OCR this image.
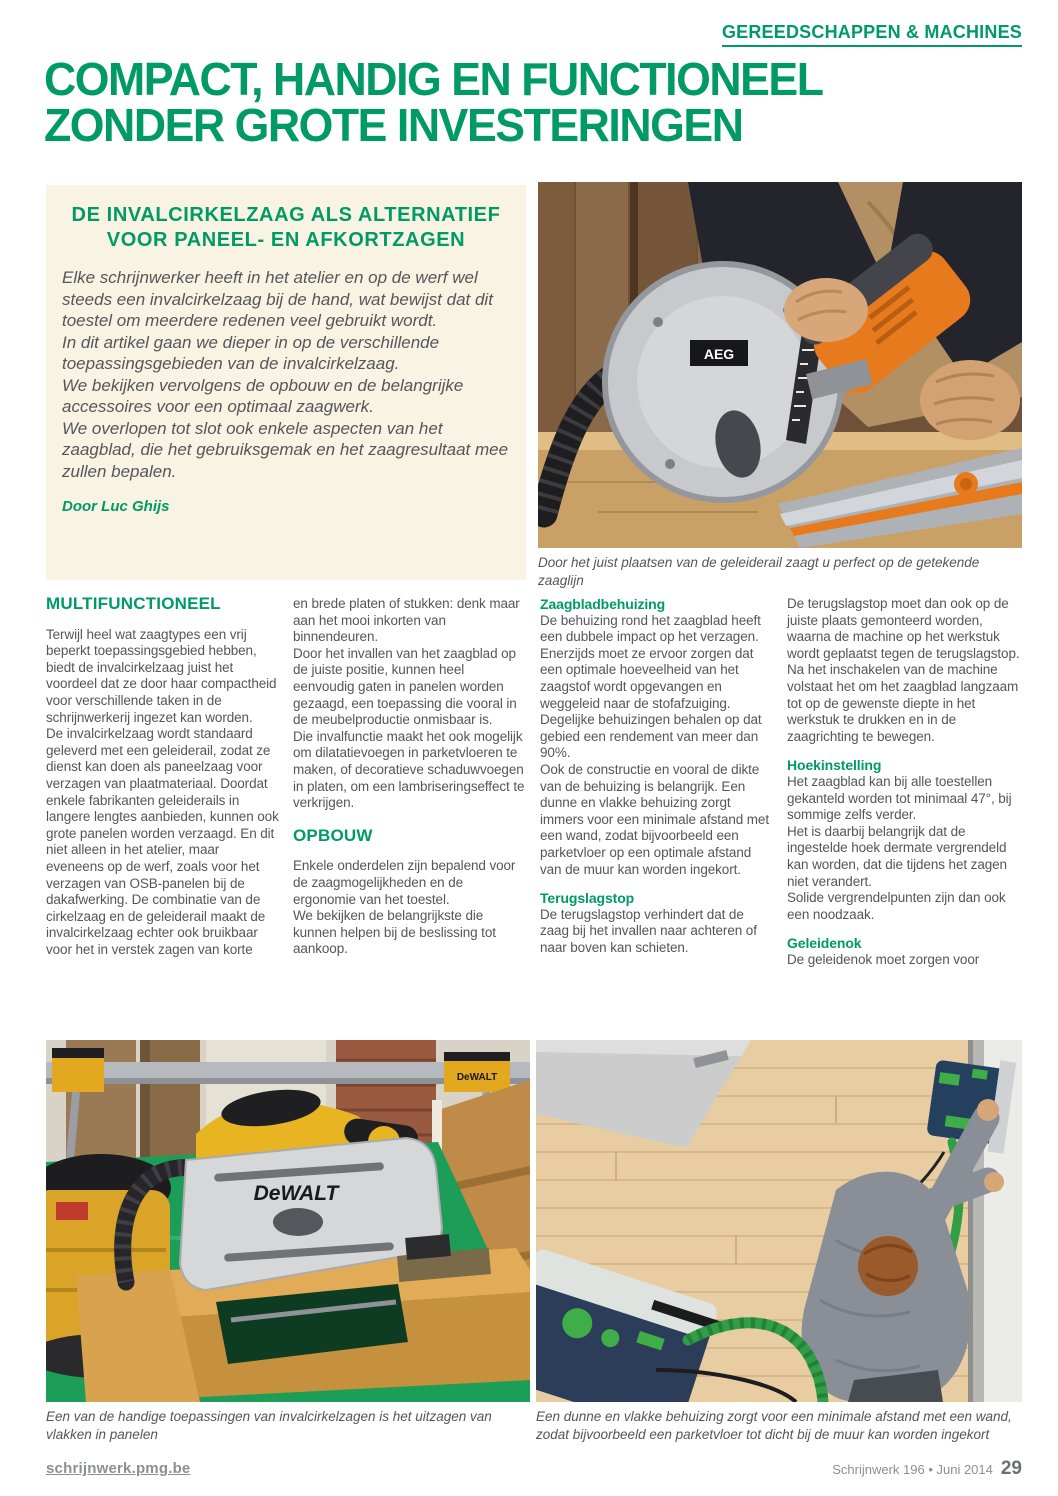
GEREEDSCHAPPEN & MACHINES
COMPACT, HANDIG EN FUNCTIONEEL
ZONDER GROTE INVESTERINGEN
DE INVALCIRKELZAAG ALS ALTERNATIEF
VOOR PANEEL- EN AFKORTZAGEN

Elke schrijnwerker heeft in het atelier en op de werf wel steeds een invalcirkelzaag bij de hand, wat bewijst dat dit toestel om meerdere redenen veel gebruikt wordt.

In dit artikel gaan we dieper in op de verschillende toepassingsgebieden van de invalcirkelzaag.

We bekijken vervolgens de opbouw en de belangrijke accessoires voor een optimaal zaagwerk.

We overlopen tot slot ook enkele aspecten van het zaagblad, die het gebruiksgemak en het zaagresultaat mee zullen bepalen.

Door Luc Ghijs
AEG
Door het juist plaatsen van de geleiderail zaagt u perfect op de getekende zaaglijn
MULTIFUNCTIONEEL

Terwijl heel wat zaagtypes een vrij beperkt toepassingsgebied hebben, biedt de invalcirkelzaag juist het voordeel dat ze door haar compactheid voor verschillende taken in de schrijnwerkerij ingezet kan worden.

De invalcirkelzaag wordt standaard geleverd met een geleiderail, zodat ze dienst kan doen als paneelzaag voor verzagen van plaatmateriaal. Doordat enkele fabrikanten geleiderails in langere lengtes aanbieden, kunnen ook grote panelen worden verzaagd. En dit niet alleen in het atelier, maar eveneens op de werf, zoals voor het verzagen van OSB-panelen bij de dakafwerking. De combinatie van de cirkelzaag en de geleiderail maakt de invalcirkelzaag echter ook bruikbaar voor het in verstek zagen van korte

en brede platen of stukken: denk maar aan het mooi inkorten van binnendeuren.

Door het invallen van het zaagblad op de juiste positie, kunnen heel eenvoudig gaten in panelen worden gezaagd, een toepassing die vooral in de meubelproductie onmisbaar is.

Die invalfunctie maakt het ook mogelijk om dilatatievoegen in parketvloeren te maken, of decoratieve schaduwvoegen in platen, om een lambriseringseffect te verkrijgen.

OPBOUW

Enkele onderdelen zijn bepalend voor de zaagmogelijkheden en de ergonomie van het toestel.

We bekijken de belangrijkste die kunnen helpen bij de beslissing tot aankoop.

Zaagbladbehuizing

De behuizing rond het zaagblad heeft een dubbele impact op het verzagen.

Enerzijds moet ze ervoor zorgen dat een optimale hoeveelheid van het zaagstof wordt opgevangen en weggeleid naar de stofafzuiging.

Degelijke behuizingen behalen op dat gebied een rendement van meer dan 90%.

Ook de constructie en vooral de dikte van de behuizing is belangrijk. Een dunne en vlakke behuizing zorgt immers voor een minimale afstand met een wand, zodat bijvoorbeeld een parketvloer op een optimale afstand van de muur kan worden ingekort.

Terugslagstop

De terugslagstop verhindert dat de zaag bij het invallen naar achteren of naar boven kan schieten.

De terugslagstop moet dan ook op de juiste plaats gemonteerd worden, waarna de machine op het werkstuk wordt geplaatst tegen de terugslagstop.

Na het inschakelen van de machine volstaat het om het zaagblad langzaam tot op de gewenste diepte in het werkstuk te drukken en in de zaagrichting te bewegen.

Hoekinstelling

Het zaagblad kan bij alle toestellen gekanteld worden tot minimaal 47°, bij sommige zelfs verder.

Het is daarbij belangrijk dat de ingestelde hoek dermate vergrendeld kan worden, dat die tijdens het zagen niet verandert.

Solide vergrendelpunten zijn dan ook een noodzaak.

Geleidenok

De geleidenok moet zorgen voor

DeWALT
DeWALT
Een van de handige toepassingen van invalcirkelzagen is het uitzagen van vlakken in panelen
Een dunne en vlakke behuizing zorgt voor een minimale afstand met een wand, zodat bijvoorbeeld een parketvloer tot dicht bij de muur kan worden ingekort
schrijnwerk.pmg.be	Schrijnwerk 196 • Juni 2014 29
